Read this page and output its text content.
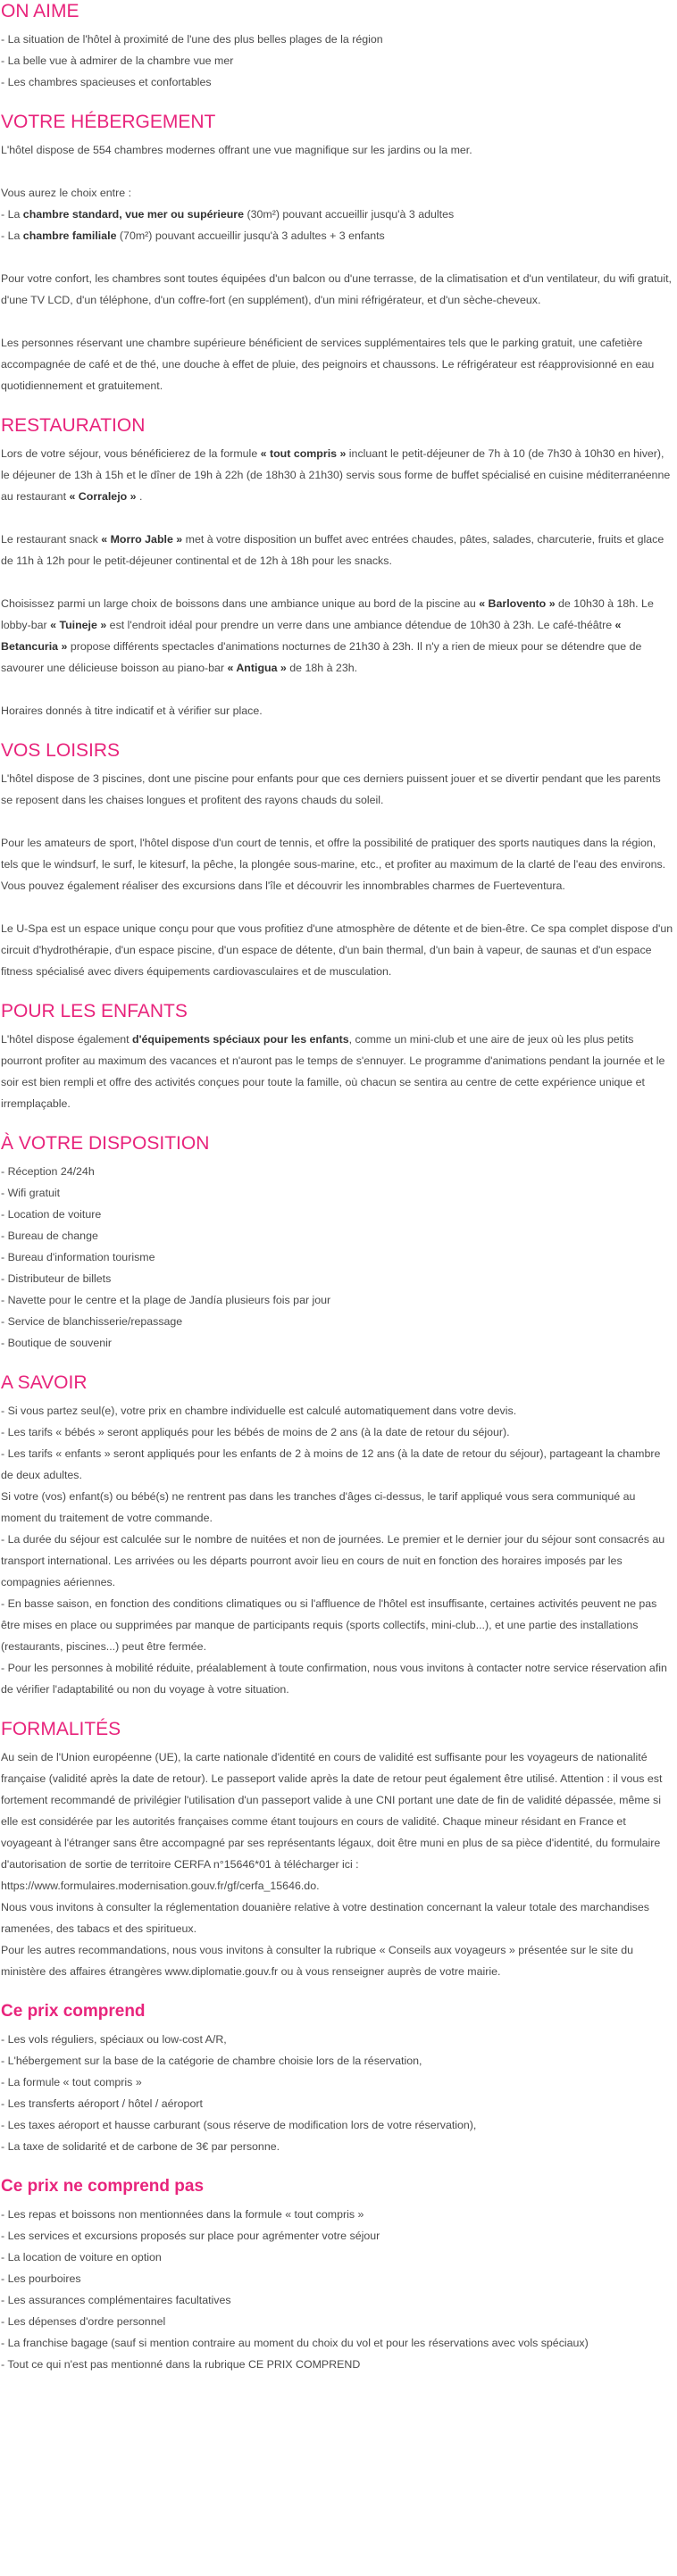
ON AIME
- La situation de l'hôtel à proximité de l'une des plus belles plages de la région
- La belle vue à admirer de la chambre vue mer
- Les chambres spacieuses et confortables
VOTRE HÉBERGEMENT

L'hôtel dispose de 554 chambres modernes offrant une vue magnifique sur les jardins ou la mer.

Vous aurez le choix entre :

- La chambre standard, vue mer ou supérieure (30m²) pouvant accueillir jusqu'à 3 adultes

- La chambre familiale (70m²) pouvant accueillir jusqu'à 3 adultes + 3 enfants

Pour votre confort, les chambres sont toutes équipées d'un balcon ou d'une terrasse, de la climatisation et d'un ventilateur, du wifi gratuit, d'une TV LCD, d'un téléphone, d'un coffre-fort (en supplément), d'un mini réfrigérateur, et d'un sèche-cheveux.

Les personnes réservant une chambre supérieure bénéficient de services supplémentaires tels que le parking gratuit, une cafetière accompagnée de café et de thé, une douche à effet de pluie, des peignoirs et chaussons. Le réfrigérateur est réapprovisionné en eau quotidiennement et gratuitement.

RESTAURATION

Lors de votre séjour, vous bénéficierez de la formule « tout compris » incluant le petit-déjeuner de 7h à 10 (de 7h30 à 10h30 en hiver), le déjeuner de 13h à 15h et le dîner de 19h à 22h (de 18h30 à 21h30) servis sous forme de buffet spécialisé en cuisine méditerranéenne au restaurant « Corralejo » .

Le restaurant snack « Morro Jable » met à votre disposition un buffet avec entrées chaudes, pâtes, salades, charcuterie, fruits et glace de 11h à 12h pour le petit-déjeuner continental et de 12h à 18h pour les snacks.

Choisissez parmi un large choix de boissons dans une ambiance unique au bord de la piscine au « Barlovento » de 10h30 à 18h. Le lobby-bar « Tuineje » est l'endroit idéal pour prendre un verre dans une ambiance détendue de 10h30 à 23h. Le café-théâtre « Betancuria » propose différents spectacles d'animations nocturnes de 21h30 à 23h. Il n'y a rien de mieux pour se détendre que de savourer une délicieuse boisson au piano-bar « Antigua » de 18h à 23h.

Horaires donnés à titre indicatif et à vérifier sur place.

VOS LOISIRS

L'hôtel dispose de 3 piscines, dont une piscine pour enfants pour que ces derniers puissent jouer et se divertir pendant que les parents se reposent dans les chaises longues et profitent des rayons chauds du soleil.

Pour les amateurs de sport, l'hôtel dispose d'un court de tennis, et offre la possibilité de pratiquer des sports nautiques dans la région, tels que le windsurf, le surf, le kitesurf, la pêche, la plongée sous-marine, etc., et profiter au maximum de la clarté de l'eau des environs. Vous pouvez également réaliser des excursions dans l'île et découvrir les innombrables charmes de Fuerteventura.

Le U-Spa est un espace unique conçu pour que vous profitiez d'une atmosphère de détente et de bien-être. Ce spa complet dispose d'un circuit d'hydrothérapie, d'un espace piscine, d'un espace de détente, d'un bain thermal, d'un bain à vapeur, de saunas et d'un espace fitness spécialisé avec divers équipements cardiovasculaires et de musculation.

POUR LES ENFANTS

L'hôtel dispose également d'équipements spéciaux pour les enfants, comme un mini-club et une aire de jeux où les plus petits pourront profiter au maximum des vacances et n'auront pas le temps de s'ennuyer. Le programme d'animations pendant la journée et le soir est bien rempli et offre des activités conçues pour toute la famille, où chacun se sentira au centre de cette expérience unique et irremplaçable.

À VOTRE DISPOSITION
- Réception 24/24h
- Wifi gratuit
- Location de voiture
- Bureau de change
- Bureau d'information tourisme
- Distributeur de billets
- Navette pour le centre et la plage de Jandía plusieurs fois par jour
- Service de blanchisserie/repassage
- Boutique de souvenir
A SAVOIR

- Si vous partez seul(e), votre prix en chambre individuelle est calculé automatiquement dans votre devis.

- Les tarifs « bébés » seront appliqués pour les bébés de moins de 2 ans (à la date de retour du séjour).

- Les tarifs « enfants » seront appliqués pour les enfants de 2 à moins de 12 ans (à la date de retour du séjour), partageant la chambre de deux adultes.

Si votre (vos) enfant(s) ou bébé(s) ne rentrent pas dans les tranches d'âges ci-dessus, le tarif appliqué vous sera communiqué au moment du traitement de votre commande.

- La durée du séjour est calculée sur le nombre de nuitées et non de journées. Le premier et le dernier jour du séjour sont consacrés au transport international. Les arrivées ou les départs pourront avoir lieu en cours de nuit en fonction des horaires imposés par les compagnies aériennes.

- En basse saison, en fonction des conditions climatiques ou si l'affluence de l'hôtel est insuffisante, certaines activités peuvent ne pas être mises en place ou supprimées par manque de participants requis (sports collectifs, mini-club...), et une partie des installations (restaurants, piscines...) peut être fermée.

- Pour les personnes à mobilité réduite, préalablement à toute confirmation, nous vous invitons à contacter notre service réservation afin de vérifier l'adaptabilité ou non du voyage à votre situation.

FORMALITÉS

Au sein de l'Union européenne (UE), la carte nationale d'identité en cours de validité est suffisante pour les voyageurs de nationalité française (validité après la date de retour). Le passeport valide après la date de retour peut également être utilisé. Attention : il vous est fortement recommandé de privilégier l'utilisation d'un passeport valide à une CNI portant une date de fin de validité dépassée, même si elle est considérée par les autorités françaises comme étant toujours en cours de validité. Chaque mineur résidant en France et voyageant à l'étranger sans être accompagné par ses représentants légaux, doit être muni en plus de sa pièce d'identité, du formulaire d'autorisation de sortie de territoire CERFA n°15646*01 à télécharger ici : https://www.formulaires.modernisation.gouv.fr/gf/cerfa_15646.do.

Nous vous invitons à consulter la réglementation douanière relative à votre destination concernant la valeur totale des marchandises ramenées, des tabacs et des spiritueux.

Pour les autres recommandations, nous vous invitons à consulter la rubrique « Conseils aux voyageurs » présentée sur le site du ministère des affaires étrangères www.diplomatie.gouv.fr ou à vous renseigner auprès de votre mairie.

Ce prix comprend
- Les vols réguliers, spéciaux ou low-cost A/R,
- L'hébergement sur la base de la catégorie de chambre choisie lors de la réservation,
- La formule « tout compris »
- Les transferts aéroport / hôtel / aéroport
- Les taxes aéroport et hausse carburant (sous réserve de modification lors de votre réservation),
- La taxe de solidarité et de carbone de 3€ par personne.
Ce prix ne comprend pas
- Les repas et boissons non mentionnées dans la formule « tout compris »
- Les services et excursions proposés sur place pour agrémenter votre séjour
- La location de voiture en option
- Les pourboires
- Les assurances complémentaires facultatives
- Les dépenses d'ordre personnel
- La franchise bagage (sauf si mention contraire au moment du choix du vol et pour les réservations avec vols spéciaux)
- Tout ce qui n'est pas mentionné dans la rubrique CE PRIX COMPREND
